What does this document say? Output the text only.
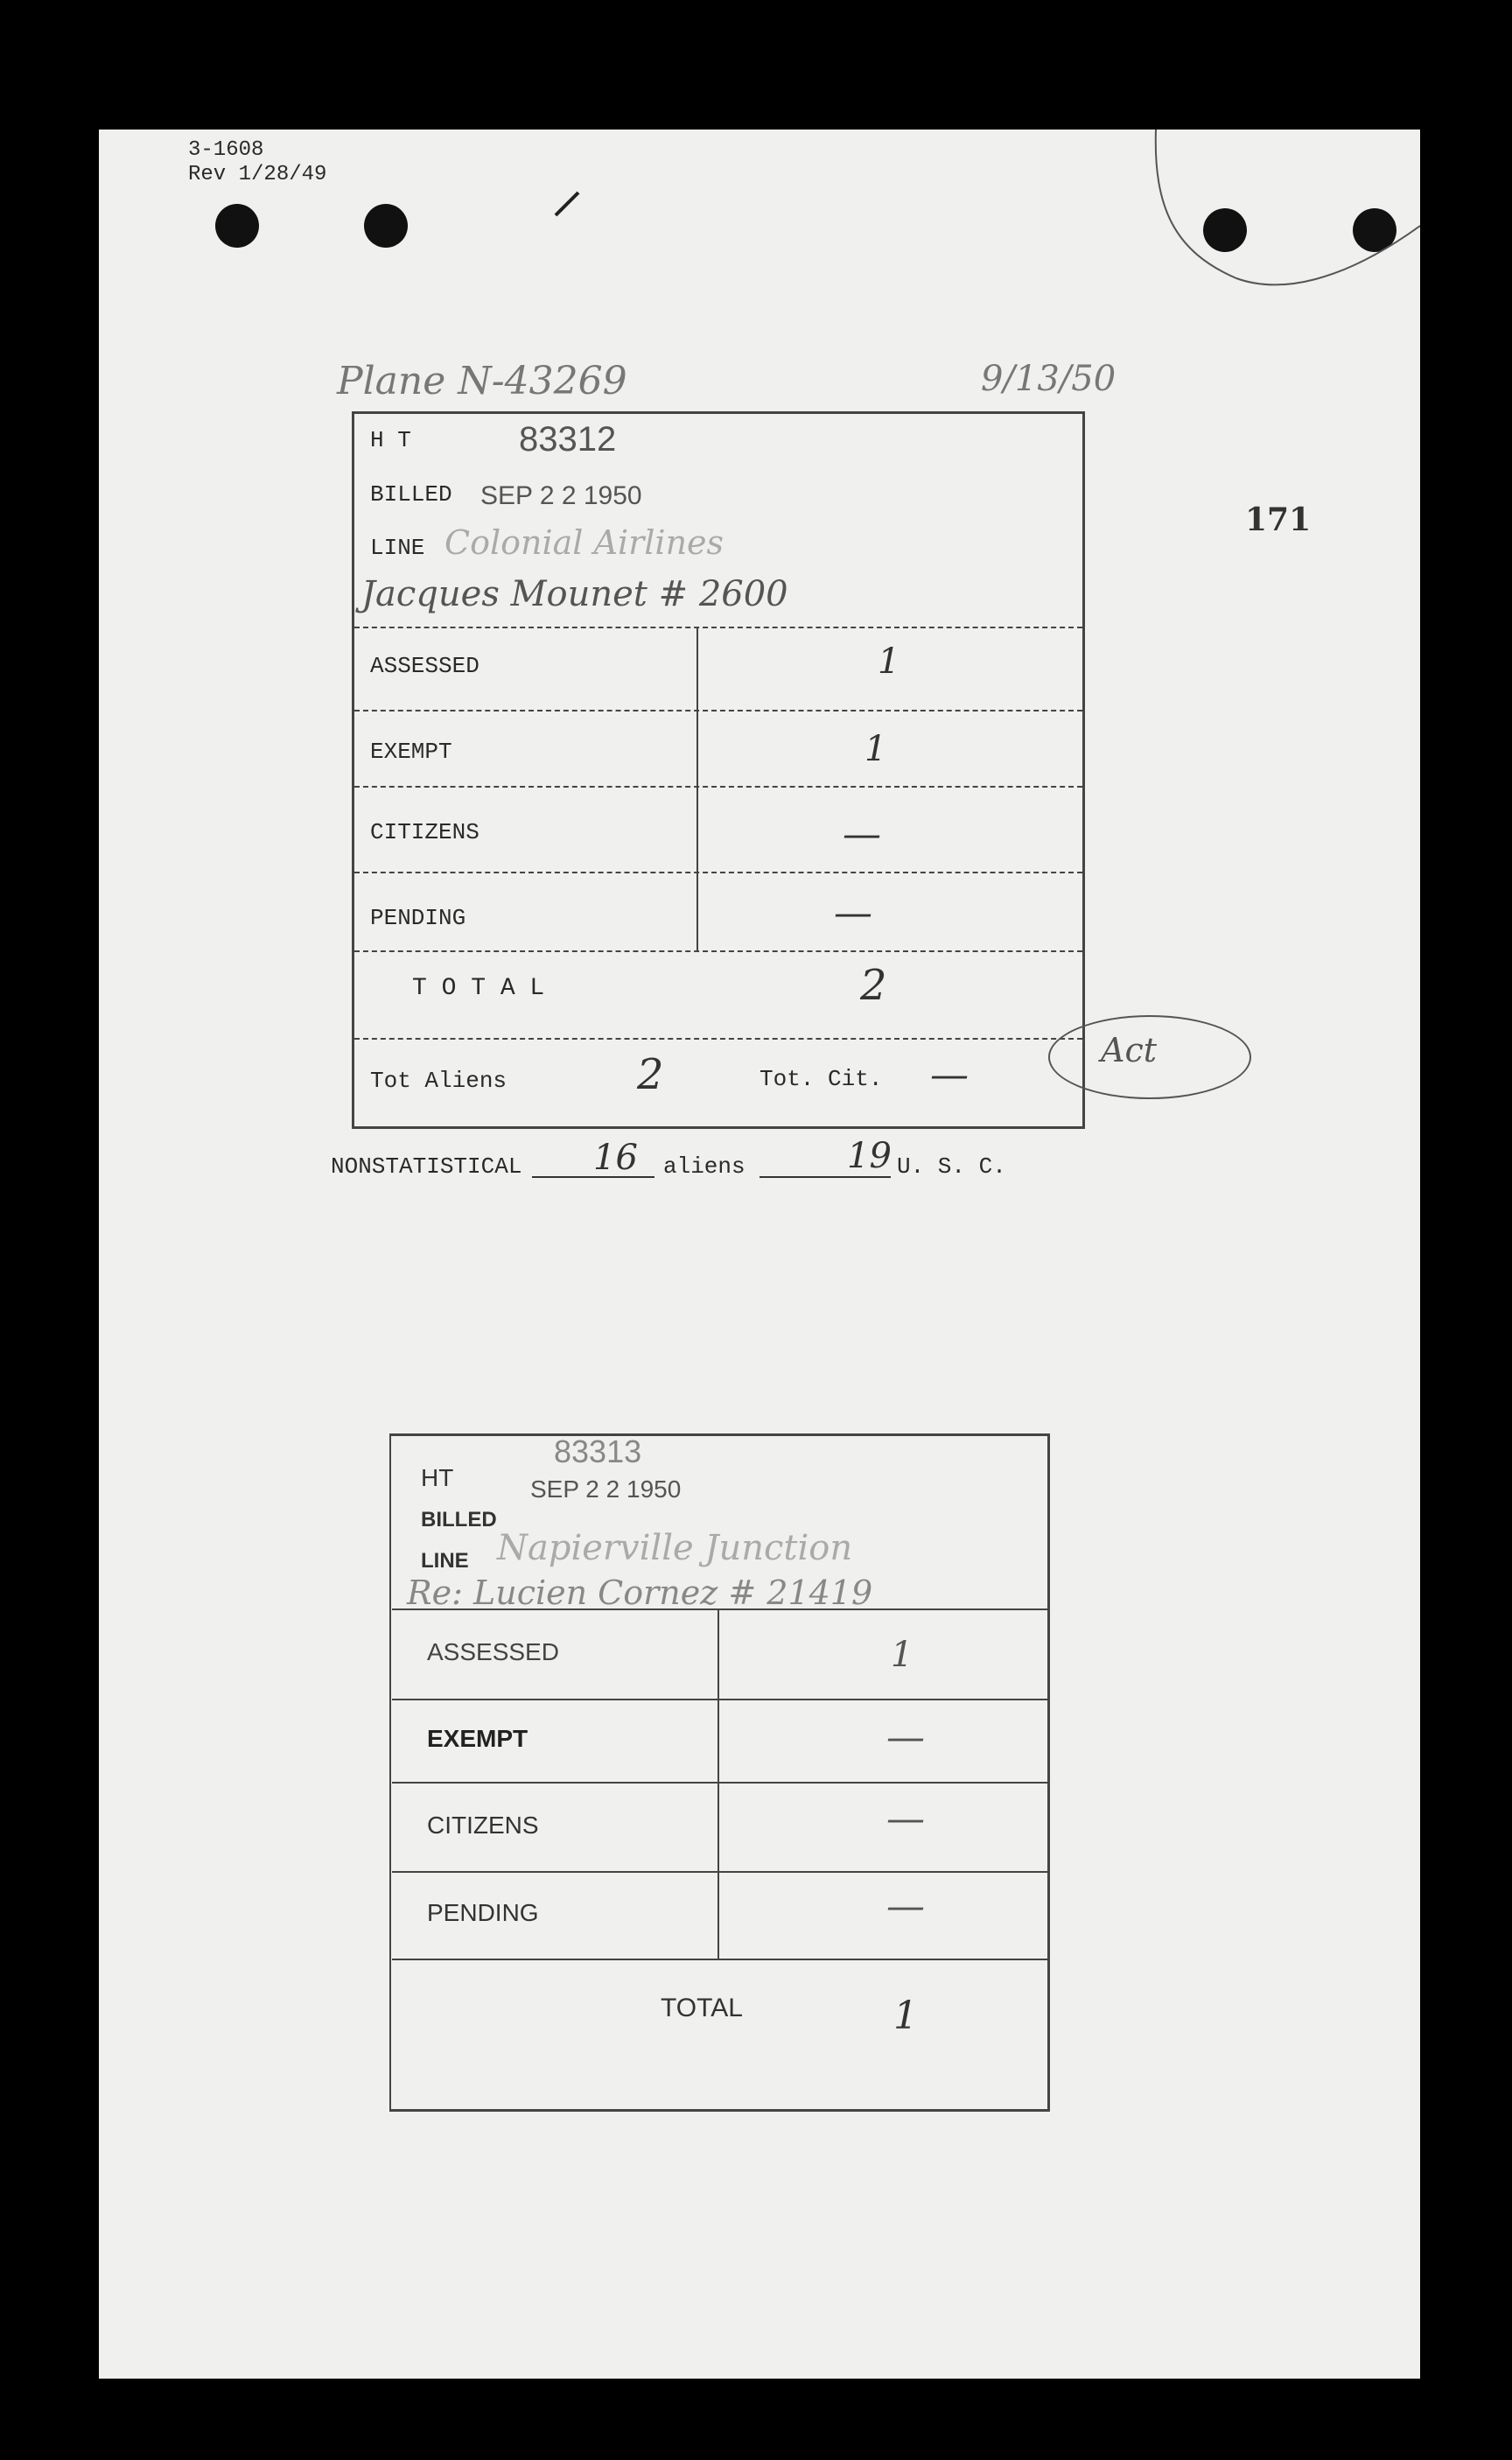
3-1608
Rev 1/28/49
Plane N-43269	9/13/50
171
H T	83312
BILLED SEP 2 2 1950
LINE Colonial Airlines
Jacques Mounet # 2600
ASSESSED	1
EXEMPT	1
CITIZENS	—
PENDING	—
T O T A L	2
Tot Aliens	2	Tot. Cit. —
Act
NONSTATISTICAL 16 aliens	19 U. S. C.
HT
83313
SEP 2 2 1950
BILLED
LINE Napierville Junction
Re: Lucien Cornez # 21419
ASSESSED	1
EXEMPT	—
CITIZENS	—
PENDING	—
TOTAL	1
